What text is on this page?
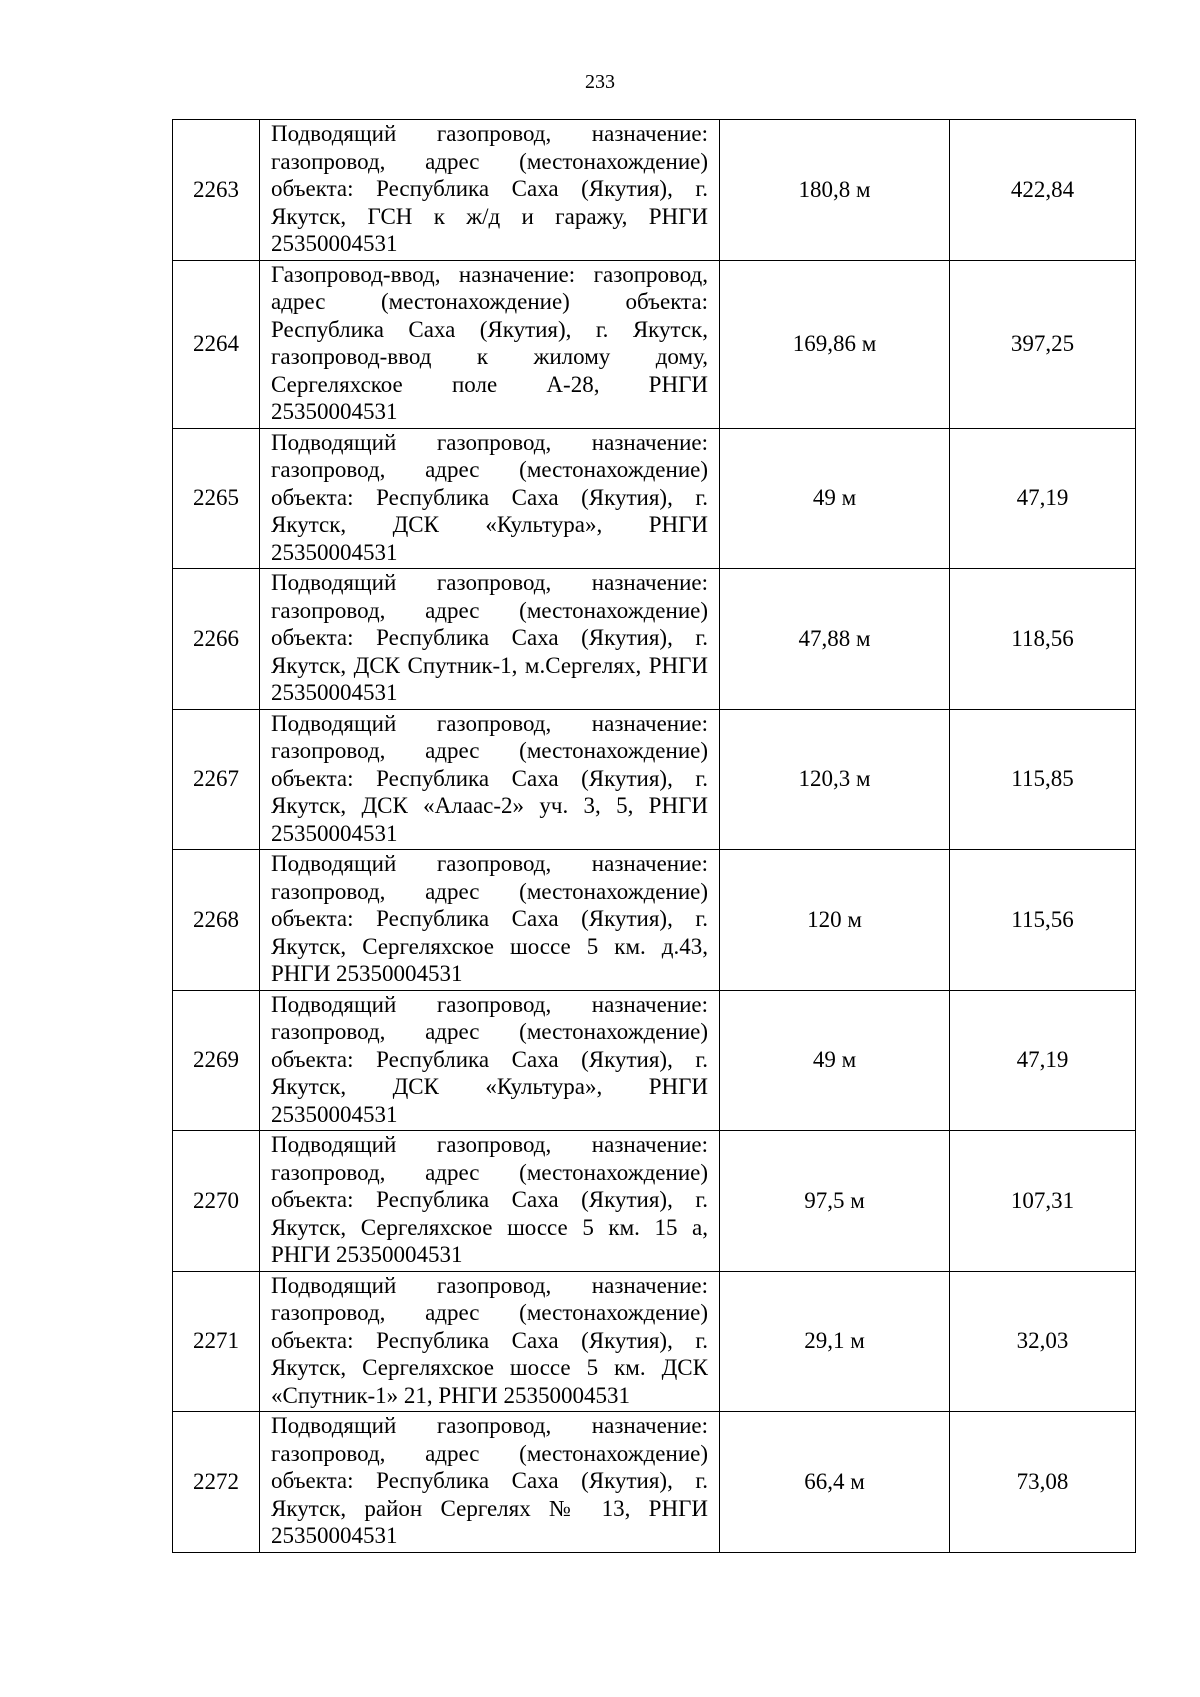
233
2263	Подводящий газопровод, назначение: газопровод, адрес (местонахождение) объекта: Республика Саха (Якутия), г. Якутск, ГСН к ж/д и гаражу, РНГИ 25350004531	180,8 м	422,84
2264	Газопровод-ввод, назначение: газопровод, адрес (местонахождение) объекта: Республика Саха (Якутия), г. Якутск, газопровод-ввод к жилому дому, Сергеляхское поле А-28, РНГИ 25350004531	169,86 м	397,25
2265	Подводящий газопровод, назначение: газопровод, адрес (местонахождение) объекта: Республика Саха (Якутия), г. Якутск, ДСК «Культура», РНГИ 25350004531	49 м	47,19
2266	Подводящий газопровод, назначение: газопровод, адрес (местонахождение) объекта: Республика Саха (Якутия), г. Якутск, ДСК Спутник-1, м.Сергелях, РНГИ 25350004531	47,88 м	118,56
2267	Подводящий газопровод, назначение: газопровод, адрес (местонахождение) объекта: Республика Саха (Якутия), г. Якутск, ДСК «Алаас-2» уч. 3, 5, РНГИ 25350004531	120,3 м	115,85
2268	Подводящий газопровод, назначение: газопровод, адрес (местонахождение) объекта: Республика Саха (Якутия), г. Якутск, Сергеляхское шоссе 5 км. д.43, РНГИ 25350004531	120 м	115,56
2269	Подводящий газопровод, назначение: газопровод, адрес (местонахождение) объекта: Республика Саха (Якутия), г. Якутск, ДСК «Культура», РНГИ 25350004531	49 м	47,19
2270	Подводящий газопровод, назначение: газопровод, адрес (местонахождение) объекта: Республика Саха (Якутия), г. Якутск, Сергеляхское шоссе 5 км. 15 а, РНГИ 25350004531	97,5 м	107,31
2271	Подводящий газопровод, назначение: газопровод, адрес (местонахождение) объекта: Республика Саха (Якутия), г. Якутск, Сергеляхское шоссе 5 км. ДСК «Спутник-1» 21, РНГИ 25350004531	29,1 м	32,03
2272	Подводящий газопровод, назначение: газопровод, адрес (местонахождение) объекта: Республика Саха (Якутия), г. Якутск, район Сергелях № 13, РНГИ 25350004531	66,4 м	73,08
